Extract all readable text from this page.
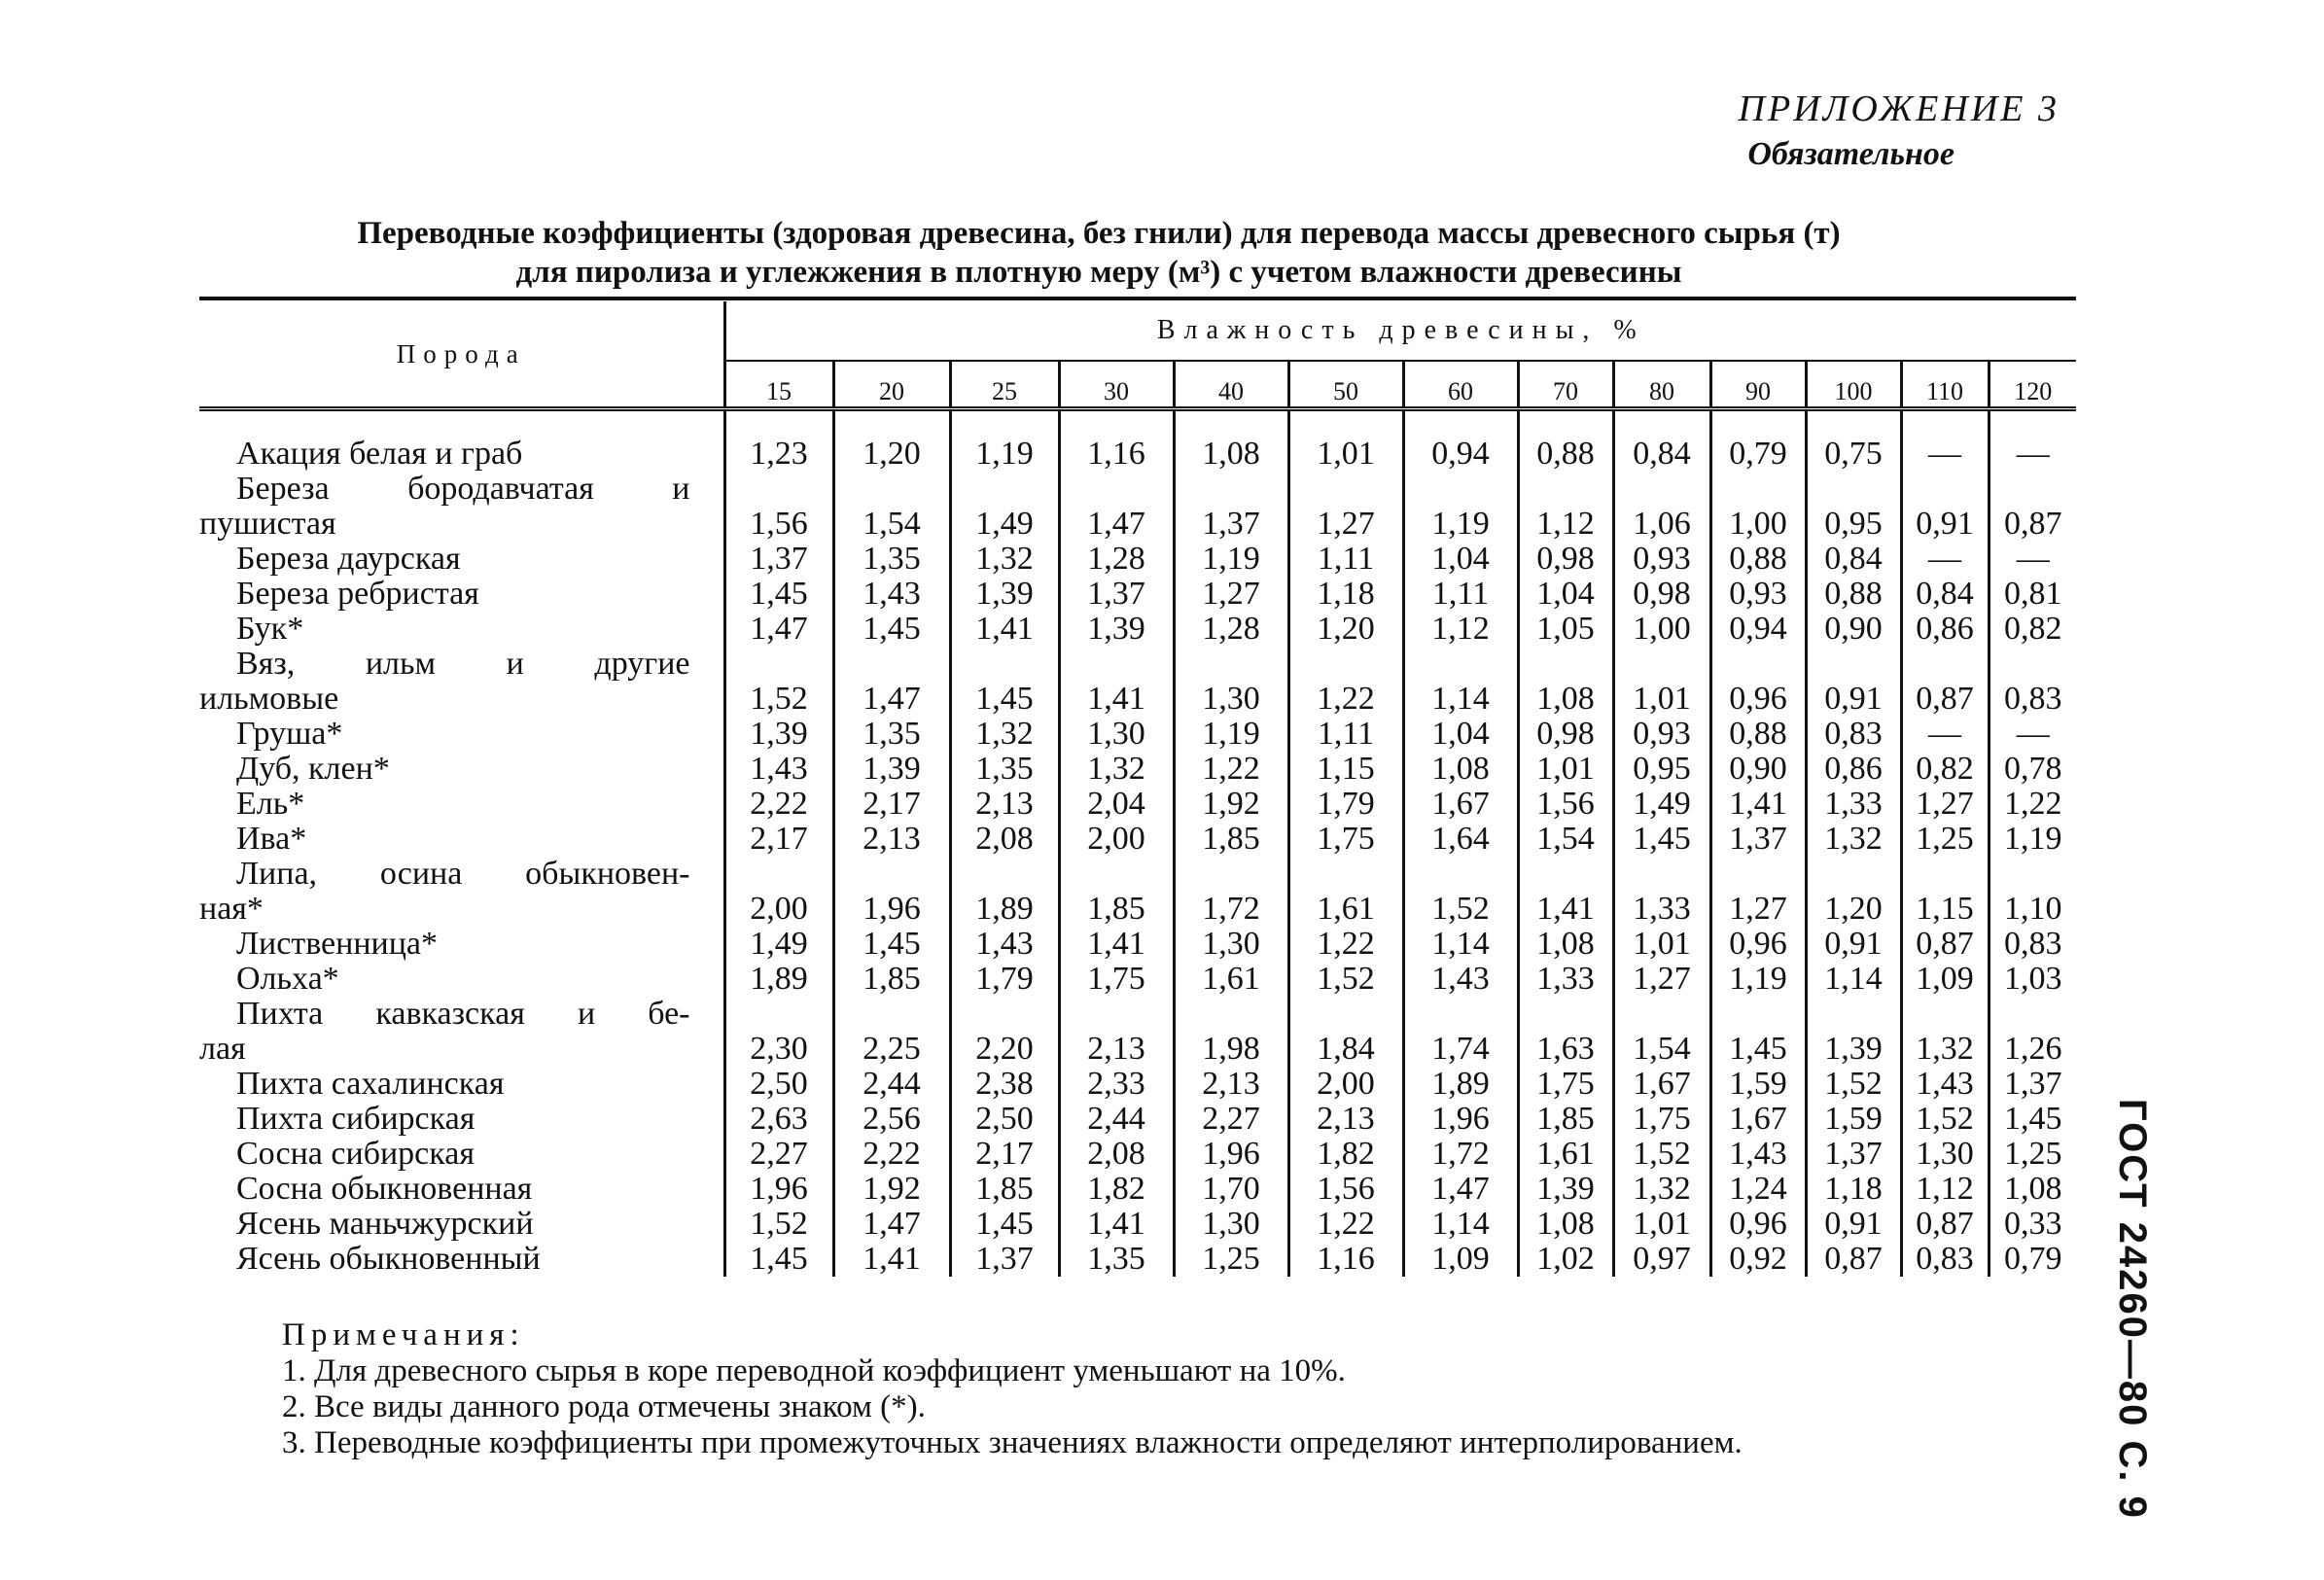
ПРИЛОЖЕНИЕ 3
Обязательное
Переводные коэффициенты (здоровая древесина, без гнили) для перевода массы древесного сырья (т)
для пиролиза и углежжения в плотную меру (м³) с учетом влажности древесины
Порода	Влажность древесины, %												
	15	20	25	30	40	50	60	70	80	90	100	110	120

Акация белая и граб	1,23	1,20	1,19	1,16	1,08	1,01	0,94	0,88	0,84	0,79	0,75	—	—

Береза бородавчатая и
пушистая	1,56	1,54	1,49	1,47	1,37	1,27	1,19	1,12	1,06	1,00	0,95	0,91	0,87

Береза даурская	1,37	1,35	1,32	1,28	1,19	1,11	1,04	0,98	0,93	0,88	0,84	—	—

Береза ребристая	1,45	1,43	1,39	1,37	1,27	1,18	1,11	1,04	0,98	0,93	0,88	0,84	0,81

Бук*	1,47	1,45	1,41	1,39	1,28	1,20	1,12	1,05	1,00	0,94	0,90	0,86	0,82

Вяз, ильм и другие
ильмовые	1,52	1,47	1,45	1,41	1,30	1,22	1,14	1,08	1,01	0,96	0,91	0,87	0,83

Груша*	1,39	1,35	1,32	1,30	1,19	1,11	1,04	0,98	0,93	0,88	0,83	—	—

Дуб, клен*	1,43	1,39	1,35	1,32	1,22	1,15	1,08	1,01	0,95	0,90	0,86	0,82	0,78

Ель*	2,22	2,17	2,13	2,04	1,92	1,79	1,67	1,56	1,49	1,41	1,33	1,27	1,22

Ива*	2,17	2,13	2,08	2,00	1,85	1,75	1,64	1,54	1,45	1,37	1,32	1,25	1,19

Липа, осина обыкновен-
ная*	2,00	1,96	1,89	1,85	1,72	1,61	1,52	1,41	1,33	1,27	1,20	1,15	1,10

Лиственница*	1,49	1,45	1,43	1,41	1,30	1,22	1,14	1,08	1,01	0,96	0,91	0,87	0,83

Ольха*	1,89	1,85	1,79	1,75	1,61	1,52	1,43	1,33	1,27	1,19	1,14	1,09	1,03

Пихта кавказская и бе-
лая	2,30	2,25	2,20	2,13	1,98	1,84	1,74	1,63	1,54	1,45	1,39	1,32	1,26

Пихта сахалинская	2,50	2,44	2,38	2,33	2,13	2,00	1,89	1,75	1,67	1,59	1,52	1,43	1,37

Пихта сибирская	2,63	2,56	2,50	2,44	2,27	2,13	1,96	1,85	1,75	1,67	1,59	1,52	1,45

Сосна сибирская	2,27	2,22	2,17	2,08	1,96	1,82	1,72	1,61	1,52	1,43	1,37	1,30	1,25

Сосна обыкновенная	1,96	1,92	1,85	1,82	1,70	1,56	1,47	1,39	1,32	1,24	1,18	1,12	1,08

Ясень маньчжурский	1,52	1,47	1,45	1,41	1,30	1,22	1,14	1,08	1,01	0,96	0,91	0,87	0,33

Ясень обыкновенный	1,45	1,41	1,37	1,35	1,25	1,16	1,09	1,02	0,97	0,92	0,87	0,83	0,79
Примечания:
1. Для древесного сырья в коре переводной коэффициент уменьшают на 10%.
2. Все виды данного рода отмечены знаком (*).
3. Переводные коэффициенты при промежуточных значениях влажности определяют интерполированием.	ГОСТ 24260—80 С. 9
